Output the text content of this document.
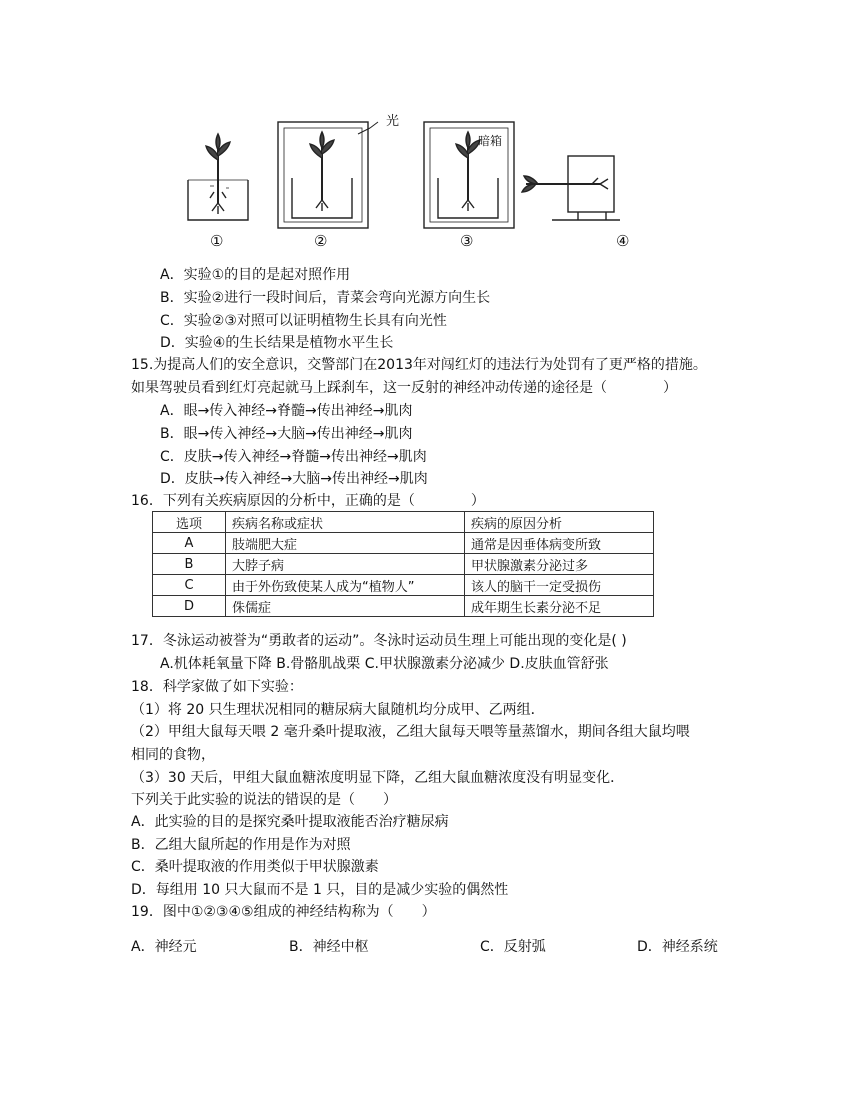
光
暗箱
①	②	③	④
A．实验①的目的是起对照作用
B．实验②进行一段时间后，青菜会弯向光源方向生长
C．实验②③对照可以证明植物生长具有向光性
D．实验④的生长结果是植物水平生长
15.为提高人们的安全意识，交警部门在2013年对闯红灯的违法行为处罚有了更严格的措施。
如果驾驶员看到红灯亮起就马上踩刹车，这一反射的神经冲动传递的途径是（　　　　）
A．眼→传入神经→脊髓→传出神经→肌肉
B．眼→传入神经→大脑→传出神经→肌肉
C．皮肤→传入神经→脊髓→传出神经→肌肉
D．皮肤→传入神经→大脑→传出神经→肌肉
16．下列有关疾病原因的分析中，正确的是（　　　　）
选项	疾病名称或症状	疾病的原因分析
A	肢端肥大症	通常是因垂体病变所致
B	大脖子病	甲状腺激素分泌过多
C	由于外伤致使某人成为“植物人”	该人的脑干一定受损伤
D	侏儒症	成年期生长素分泌不足
17．冬泳运动被誉为“勇敢者的运动”。冬泳时运动员生理上可能出现的变化是( )
A.机体耗氧量下降 B.骨骼肌战栗 C.甲状腺激素分泌减少 D.皮肤血管舒张
18．科学家做了如下实验：
（1）将 20 只生理状况相同的糖尿病大鼠随机均分成甲、乙两组．
（2）甲组大鼠每天喂 2 毫升桑叶提取液，乙组大鼠每天喂等量蒸馏水，期间各组大鼠均喂
相同的食物，
（3）30 天后，甲组大鼠血糖浓度明显下降，乙组大鼠血糖浓度没有明显变化．
下列关于此实验的说法的错误的是（　　）
A．此实验的目的是探究桑叶提取液能否治疗糖尿病
B．乙组大鼠所起的作用是作为对照
C．桑叶提取液的作用类似于甲状腺激素
D．每组用 10 只大鼠而不是 1 只，目的是减少实验的偶然性
19．图中①②③④⑤组成的神经结构称为（　　）
A．神经元	B．神经中枢	C．反射弧	D．神经系统
